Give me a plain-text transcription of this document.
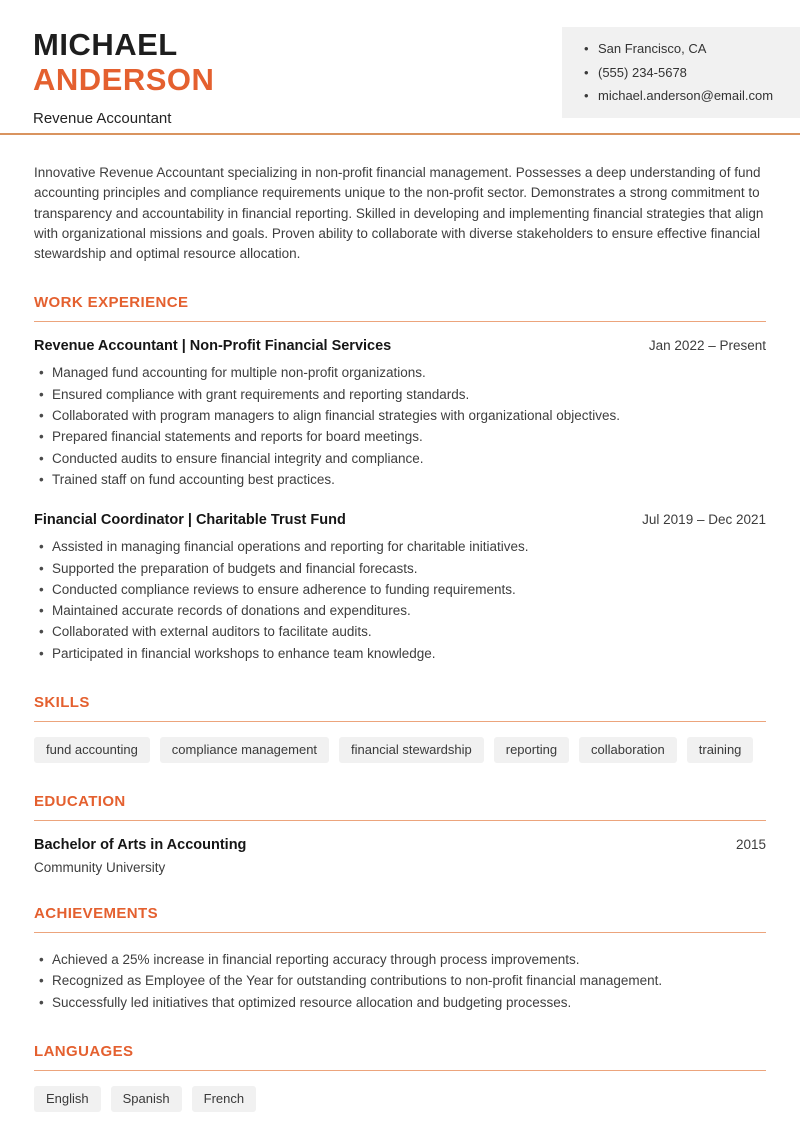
MICHAEL
ANDERSON
Revenue Accountant
• San Francisco, CA
• (555) 234-5678
• michael.anderson@email.com

Innovative Revenue Accountant specializing in non-profit financial management. Possesses a deep understanding of fund accounting principles and compliance requirements unique to the non-profit sector. Demonstrates a strong commitment to transparency and accountability in financial reporting. Skilled in developing and implementing financial strategies that align with organizational missions and goals. Proven ability to collaborate with diverse stakeholders to ensure effective financial stewardship and optimal resource allocation.

WORK EXPERIENCE
Revenue Accountant | Non-Profit Financial Services	Jan 2022 – Present
• Managed fund accounting for multiple non-profit organizations.
• Ensured compliance with grant requirements and reporting standards.
• Collaborated with program managers to align financial strategies with organizational objectives.
• Prepared financial statements and reports for board meetings.
• Conducted audits to ensure financial integrity and compliance.
• Trained staff on fund accounting best practices.
Financial Coordinator | Charitable Trust Fund	Jul 2019 – Dec 2021
• Assisted in managing financial operations and reporting for charitable initiatives.
• Supported the preparation of budgets and financial forecasts.
• Conducted compliance reviews to ensure adherence to funding requirements.
• Maintained accurate records of donations and expenditures.
• Collaborated with external auditors to facilitate audits.
• Participated in financial workshops to enhance team knowledge.
SKILLS
fund accounting	compliance management	financial stewardship	reporting	collaboration	training
EDUCATION
Bachelor of Arts in Accounting	2015
Community University
ACHIEVEMENTS
• Achieved a 25% increase in financial reporting accuracy through process improvements.
• Recognized as Employee of the Year for outstanding contributions to non-profit financial management.
• Successfully led initiatives that optimized resource allocation and budgeting processes.
LANGUAGES
English	Spanish	French
